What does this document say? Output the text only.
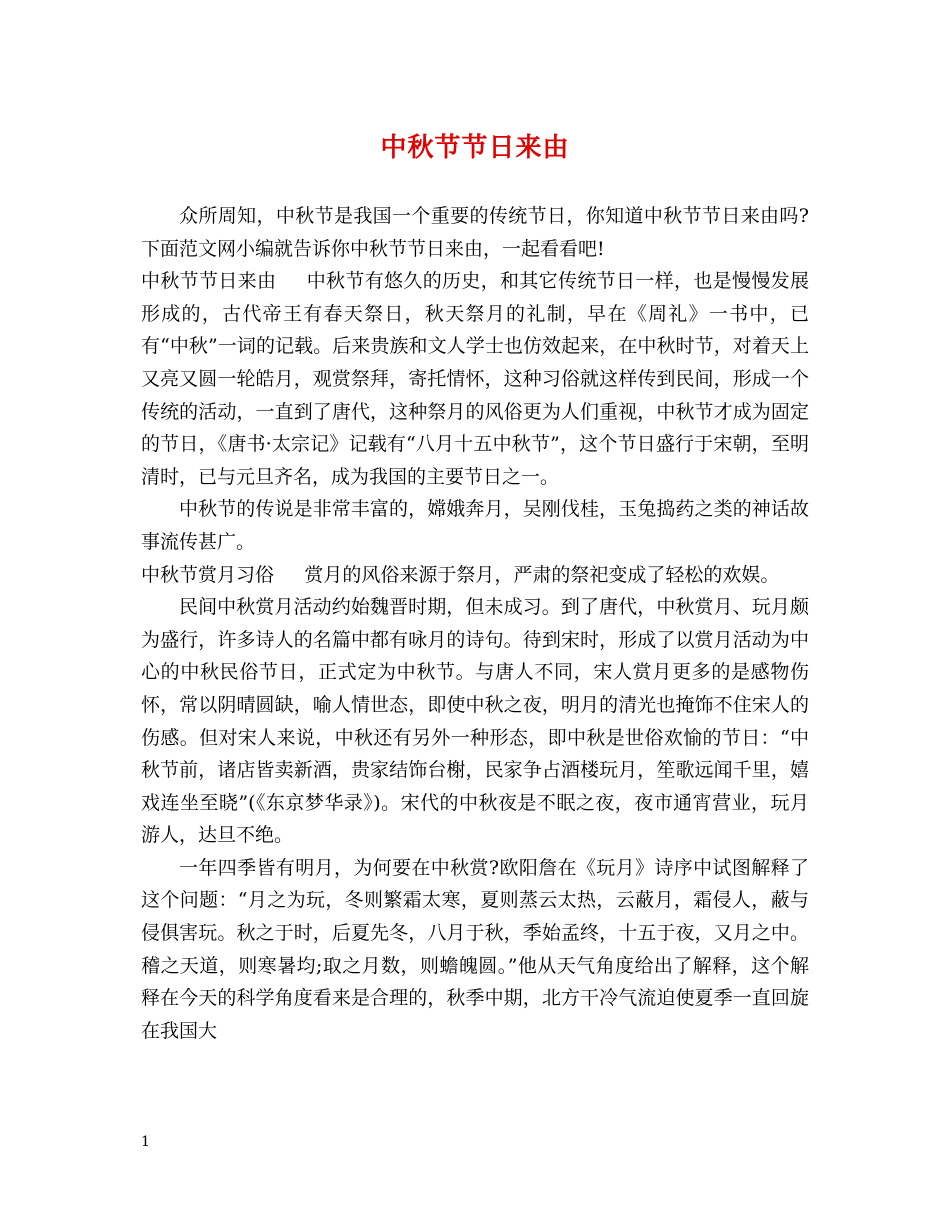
中秋节节日来由

众所周知，中秋节是我国一个重要的传统节日，你知道中秋节节日来由吗?下面范文网小编就告诉你中秋节节日来由，一起看看吧!

中秋节节日来由 中秋节有悠久的历史，和其它传统节日一样，也是慢慢发展形成的，古代帝王有春天祭日，秋天祭月的礼制，早在《周礼》一书中，已有“中秋”一词的记载。后来贵族和文人学士也仿效起来，在中秋时节，对着天上又亮又圆一轮皓月，观赏祭拜，寄托情怀，这种习俗就这样传到民间，形成一个传统的活动，一直到了唐代，这种祭月的风俗更为人们重视，中秋节才成为固定的节日，《唐书·太宗记》记载有“八月十五中秋节”，这个节日盛行于宋朝，至明清时，已与元旦齐名，成为我国的主要节日之一。

中秋节的传说是非常丰富的，嫦娥奔月，吴刚伐桂，玉兔捣药之类的神话故事流传甚广。

中秋节赏月习俗 赏月的风俗来源于祭月，严肃的祭祀变成了轻松的欢娱。

民间中秋赏月活动约始魏晋时期，但未成习。到了唐代，中秋赏月、玩月颇为盛行，许多诗人的名篇中都有咏月的诗句。待到宋时，形成了以赏月活动为中心的中秋民俗节日，正式定为中秋节。与唐人不同，宋人赏月更多的是感物伤怀，常以阴晴圆缺，喻人情世态，即使中秋之夜，明月的清光也掩饰不住宋人的伤感。但对宋人来说，中秋还有另外一种形态，即中秋是世俗欢愉的节日：“中秋节前，诸店皆卖新酒，贵家结饰台榭，民家争占酒楼玩月，笙歌远闻千里，嬉戏连坐至晓”(《东京梦华录》)。宋代的中秋夜是不眠之夜，夜市通宵营业，玩月游人，达旦不绝。

一年四季皆有明月，为何要在中秋赏?欧阳詹在《玩月》诗序中试图解释了这个问题：“月之为玩，冬则繁霜太寒，夏则蒸云太热，云蔽月，霜侵人，蔽与侵俱害玩。秋之于时，后夏先冬，八月于秋，季始孟终，十五于夜，又月之中。稽之天道，则寒暑均;取之月数，则蟾魄圆。”他从天气角度给出了解释，这个解释在今天的科学角度看来是合理的，秋季中期，北方干冷气流迫使夏季一直回旋在我国大

1
